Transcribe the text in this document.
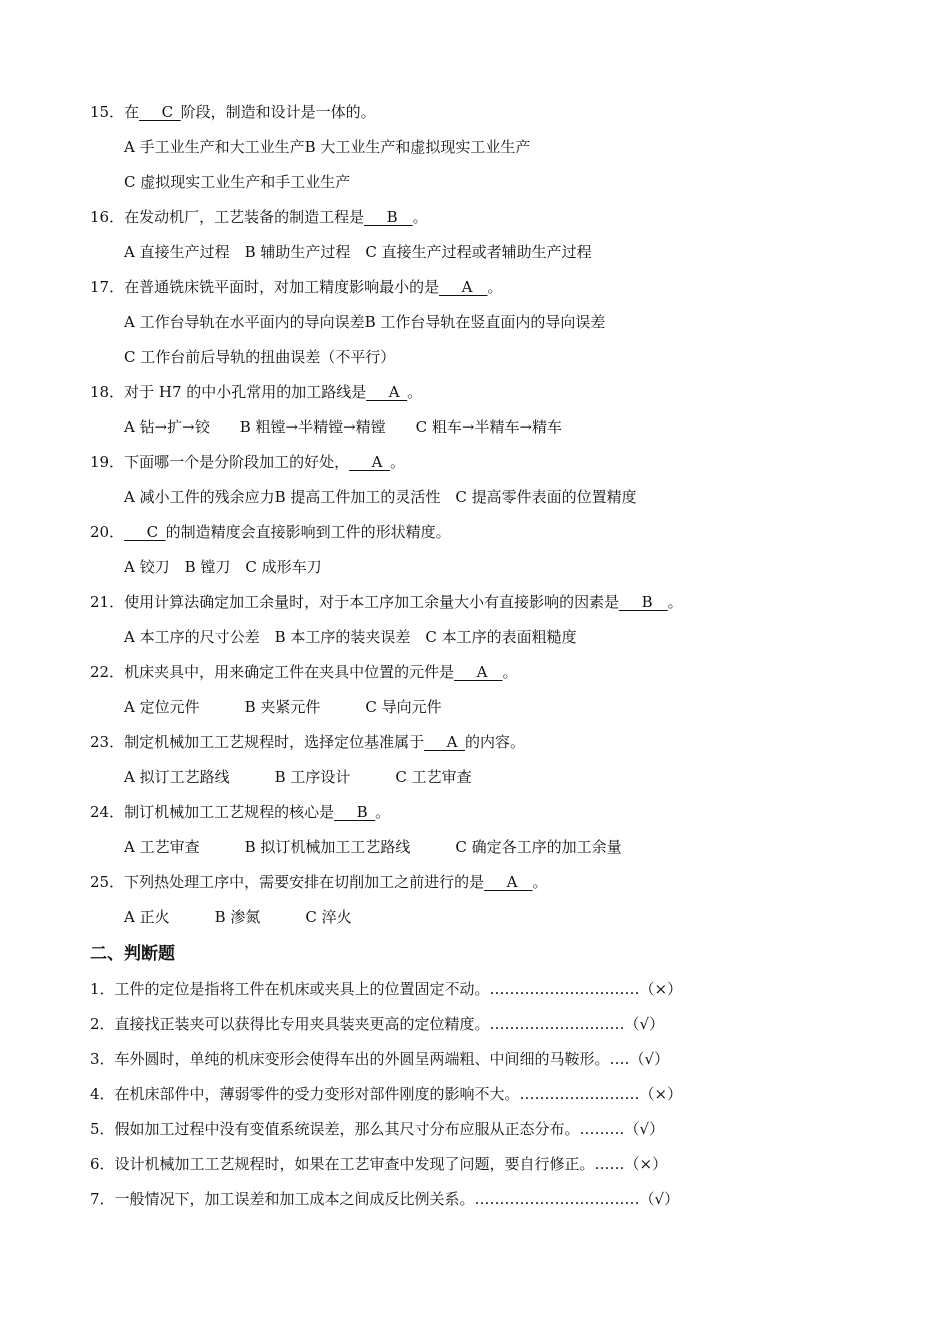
15．在___C_阶段，制造和设计是一体的。
A 手工业生产和大工业生产B 大工业生产和虚拟现实工业生产
C 虚拟现实工业生产和手工业生产
16．在发动机厂，工艺装备的制造工程是___B__。
A 直接生产过程　B 辅助生产过程　C 直接生产过程或者辅助生产过程
17．在普通铣床铣平面时，对加工精度影响最小的是___A__。
A 工作台导轨在水平面内的导向误差B 工作台导轨在竖直面内的导向误差
C 工作台前后导轨的扭曲误差（不平行）
18．对于 H7 的中小孔常用的加工路线是___A_。
A 钻→扩→铰　　B 粗镗→半精镗→精镗　　C 粗车→半精车→精车
19．下面哪一个是分阶段加工的好处，___A_。
A 减小工件的残余应力B 提高工件加工的灵活性　C 提高零件表面的位置精度
20．___C_的制造精度会直接影响到工件的形状精度。
A 铰刀　B 镗刀　C 成形车刀
21．使用计算法确定加工余量时，对于本工序加工余量大小有直接影响的因素是___B__。
A 本工序的尺寸公差　B 本工序的装夹误差　C 本工序的表面粗糙度
22．机床夹具中，用来确定工件在夹具中位置的元件是___A__。
A 定位元件　　　B 夹紧元件　　　C 导向元件
23．制定机械加工工艺规程时，选择定位基准属于___A_的内容。
A 拟订工艺路线　　　B 工序设计　　　C 工艺审查
24．制订机械加工工艺规程的核心是___B_。
A 工艺审查　　　B 拟订机械加工工艺路线　　　C 确定各工序的加工余量
25．下列热处理工序中，需要安排在切削加工之前进行的是___A__。
A 正火　　　B 渗氮　　　C 淬火
二、判断题
1．工件的定位是指将工件在机床或夹具上的位置固定不动。…………………………（×）
2．直接找正装夹可以获得比专用夹具装夹更高的定位精度。………………………（√）
3．车外圆时，单纯的机床变形会使得车出的外圆呈两端粗、中间细的马鞍形。‥‥（√）
4．在机床部件中，薄弱零件的受力变形对部件刚度的影响不大。……………………（×）
5．假如加工过程中没有变值系统误差，那么其尺寸分布应服从正态分布。………（√）
6．设计机械加工工艺规程时，如果在工艺审查中发现了问题，要自行修正。……（×）
7．一般情况下，加工误差和加工成本之间成反比例关系。……………………………（√）
